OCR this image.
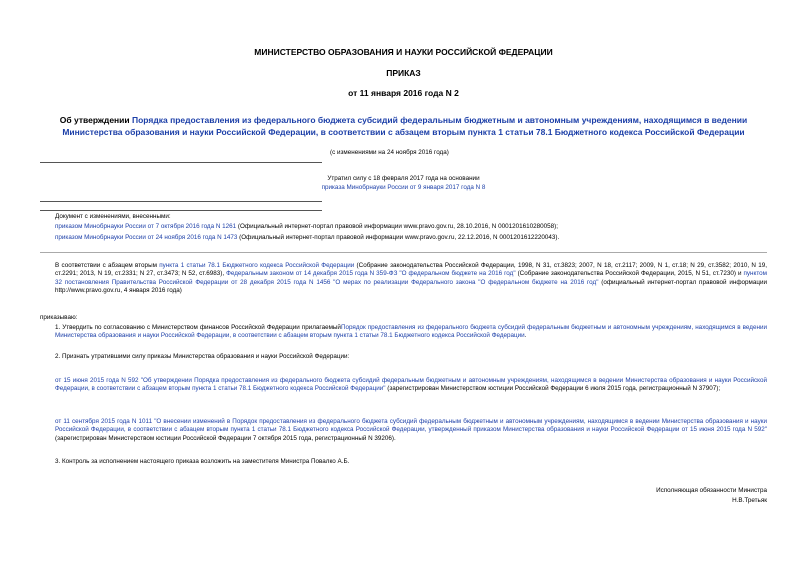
МИНИСТЕРСТВО ОБРАЗОВАНИЯ И НАУКИ РОССИЙСКОЙ ФЕДЕРАЦИИ
ПРИКАЗ
от 11 января 2016 года N 2
Об утверждении Порядка предоставления из федерального бюджета субсидий федеральным бюджетным и автономным учреждениям, находящимся в ведении Министерства образования и науки Российской Федерации, в соответствии с абзацем вторым пункта 1 статьи 78.1 Бюджетного кодекса Российской Федерации
(с изменениями на 24 ноября 2016 года)
Утратил силу с 18 февраля 2017 года на основании
приказа Минобрнауки России от 9 января 2017 года N 8
Документ с изменениями, внесенными:
приказом Минобрнауки России от 7 октября 2016 года N 1261 (Официальный интернет-портал правовой информации www.pravo.gov.ru, 28.10.2016, N 0001201610280058);
приказом Минобрнауки России от 24 ноября 2016 года N 1473 (Официальный интернет-портал правовой информации www.pravo.gov.ru, 22.12.2016, N 0001201612220043).
В соответствии с абзацем вторым пункта 1 статьи 78.1 Бюджетного кодекса Российской Федерации (Собрание законодательства Российской Федерации, 1998, N 31, ст.3823; 2007, N 18, ст.2117; 2009, N 1, ст.18; N 29, ст.3582; 2010, N 19, ст.2291; 2013, N 19, ст.2331; N 27, ст.3473; N 52, ст.6983), Федеральным законом от 14 декабря 2015 года N 359-ФЗ "О федеральном бюджете на 2016 год" (Собрание законодательства Российской Федерации, 2015, N 51, ст.7230) и пунктом 32 постановления Правительства Российской Федерации от 28 декабря 2015 года N 1456 "О мерах по реализации Федерального закона "О федеральном бюджете на 2016 год" (официальный интернет-портал правовой информации http://www.pravo.gov.ru, 4 января 2016 года)
приказываю:
1. Утвердить по согласованию с Министерством финансов Российской Федерации прилагаемыйПорядок предоставления из федерального бюджета субсидий федеральным бюджетным и автономным учреждениям, находящимся в ведении Министерства образования и науки Российской Федерации, в соответствии с абзацем вторым пункта 1 статьи 78.1 Бюджетного кодекса Российской Федерации.
2. Признать утратившими силу приказы Министерства образования и науки Российской Федерации:
от 15 июня 2015 года N 592 "Об утверждении Порядка предоставления из федерального бюджета субсидий федеральным бюджетным и автономным учреждениям, находящимся в ведении Министерства образования и науки Российской Федерации, в соответствии с абзацем вторым пункта 1 статьи 78.1 Бюджетного кодекса Российской Федерации" (зарегистрирован Министерством юстиции Российской Федерации 6 июля 2015 года, регистрационный N 37907);
от 11 сентября 2015 года N 1011 "О внесении изменений в Порядок предоставления из федерального бюджета субсидий федеральным бюджетным и автономным учреждениям, находящимся в ведении Министерства образования и науки Российской Федерации, в соответствии с абзацем вторым пункта 1 статьи 78.1 Бюджетного кодекса Российской Федерации, утвержденный приказом Министерства образования и науки Российской Федерации от 15 июня 2015 года N 592" (зарегистрирован Министерством юстиции Российской Федерации 7 октября 2015 года, регистрационный N 39206).
3. Контроль за исполнением настоящего приказа возложить на заместителя Министра Повалко А.Б.
Исполняющая обязанности Министра
Н.В.Третьяк
